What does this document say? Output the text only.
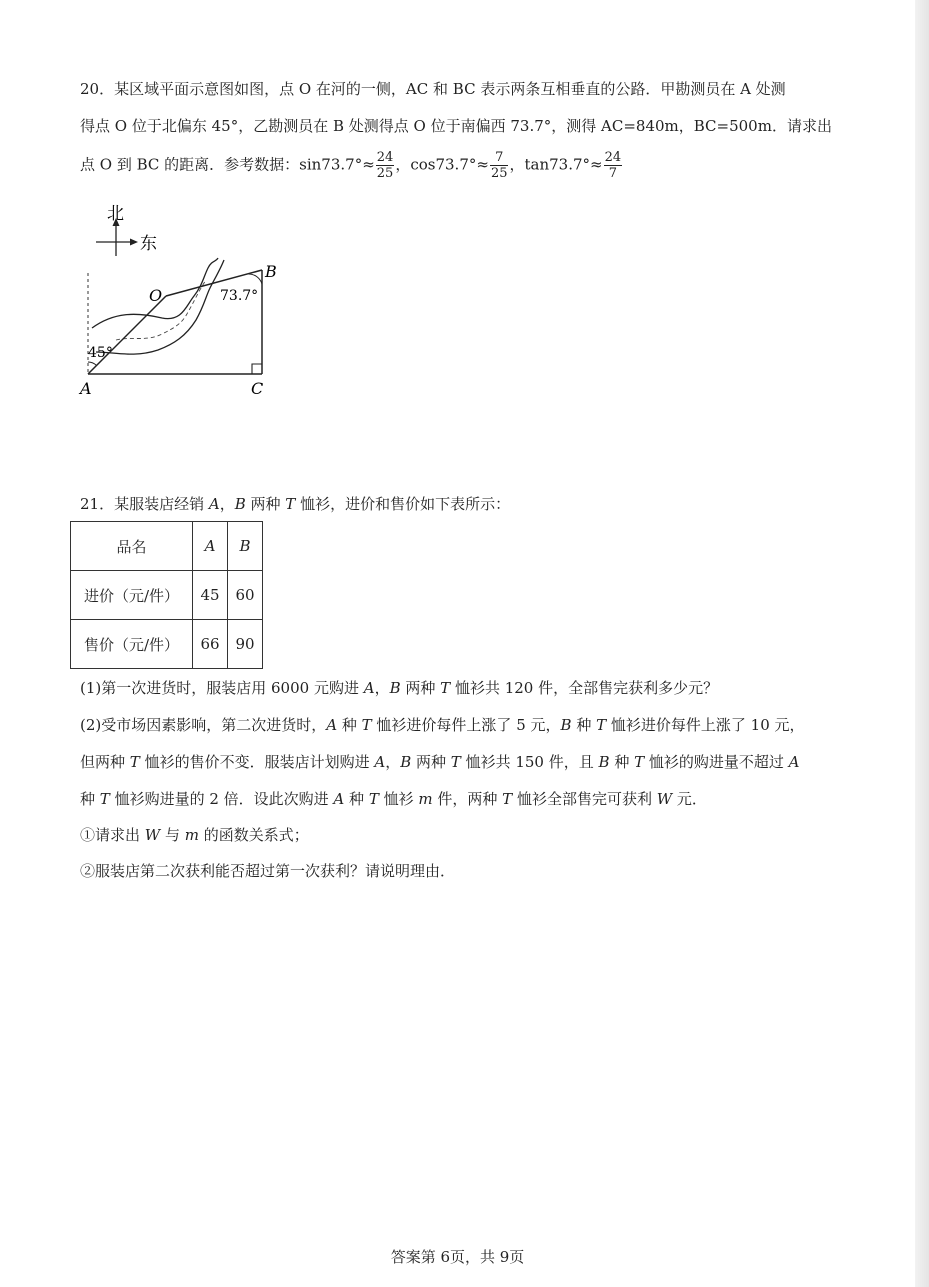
20．某区域平面示意图如图，点 O 在河的一侧，AC 和 BC 表示两条互相垂直的公路．甲勘测员在 A 处测
得点 O 位于北偏东 45°，乙勘测员在 B 处测得点 O 位于南偏西 73.7°，测得 AC=840m，BC=500m．请求出
点 O 到 BC 的距离．参考数据：$\sin 73.7^\circ\approx \frac{24}{25}$ ，$\cos 73.7^\circ\approx \frac{7}{25}$ ，$\tan 73.7^\circ\approx \frac{24}{7}$
北
东
A
B
C
O	73.7°
45°
21．某服装店经销 A，B 两种 T 恤衫，进价和售价如下表所示：
品名	A	B
进价（元/件）	45	60
售价（元/件）	66	90
(1)第一次进货时，服装店用 6000 元购进 A，B 两种 T 恤衫共 120 件，全部售完获利多少元？
(2)受市场因素影响，第二次进货时，A 种 T 恤衫进价每件上涨了 5 元，B 种 T 恤衫进价每件上涨了 10 元，
但两种 T 恤衫的售价不变．服装店计划购进 A，B 两种 T 恤衫共 150 件，且 B 种 T 恤衫的购进量不超过 A
种 T 恤衫购进量的 2 倍．设此次购进 A 种 T 恤衫 m 件，两种 T 恤衫全部售完可获利 W 元．
①请求出 W 与 m 的函数关系式；
②服装店第二次获利能否超过第一次获利？请说明理由．
答案第 6页，共 9页
